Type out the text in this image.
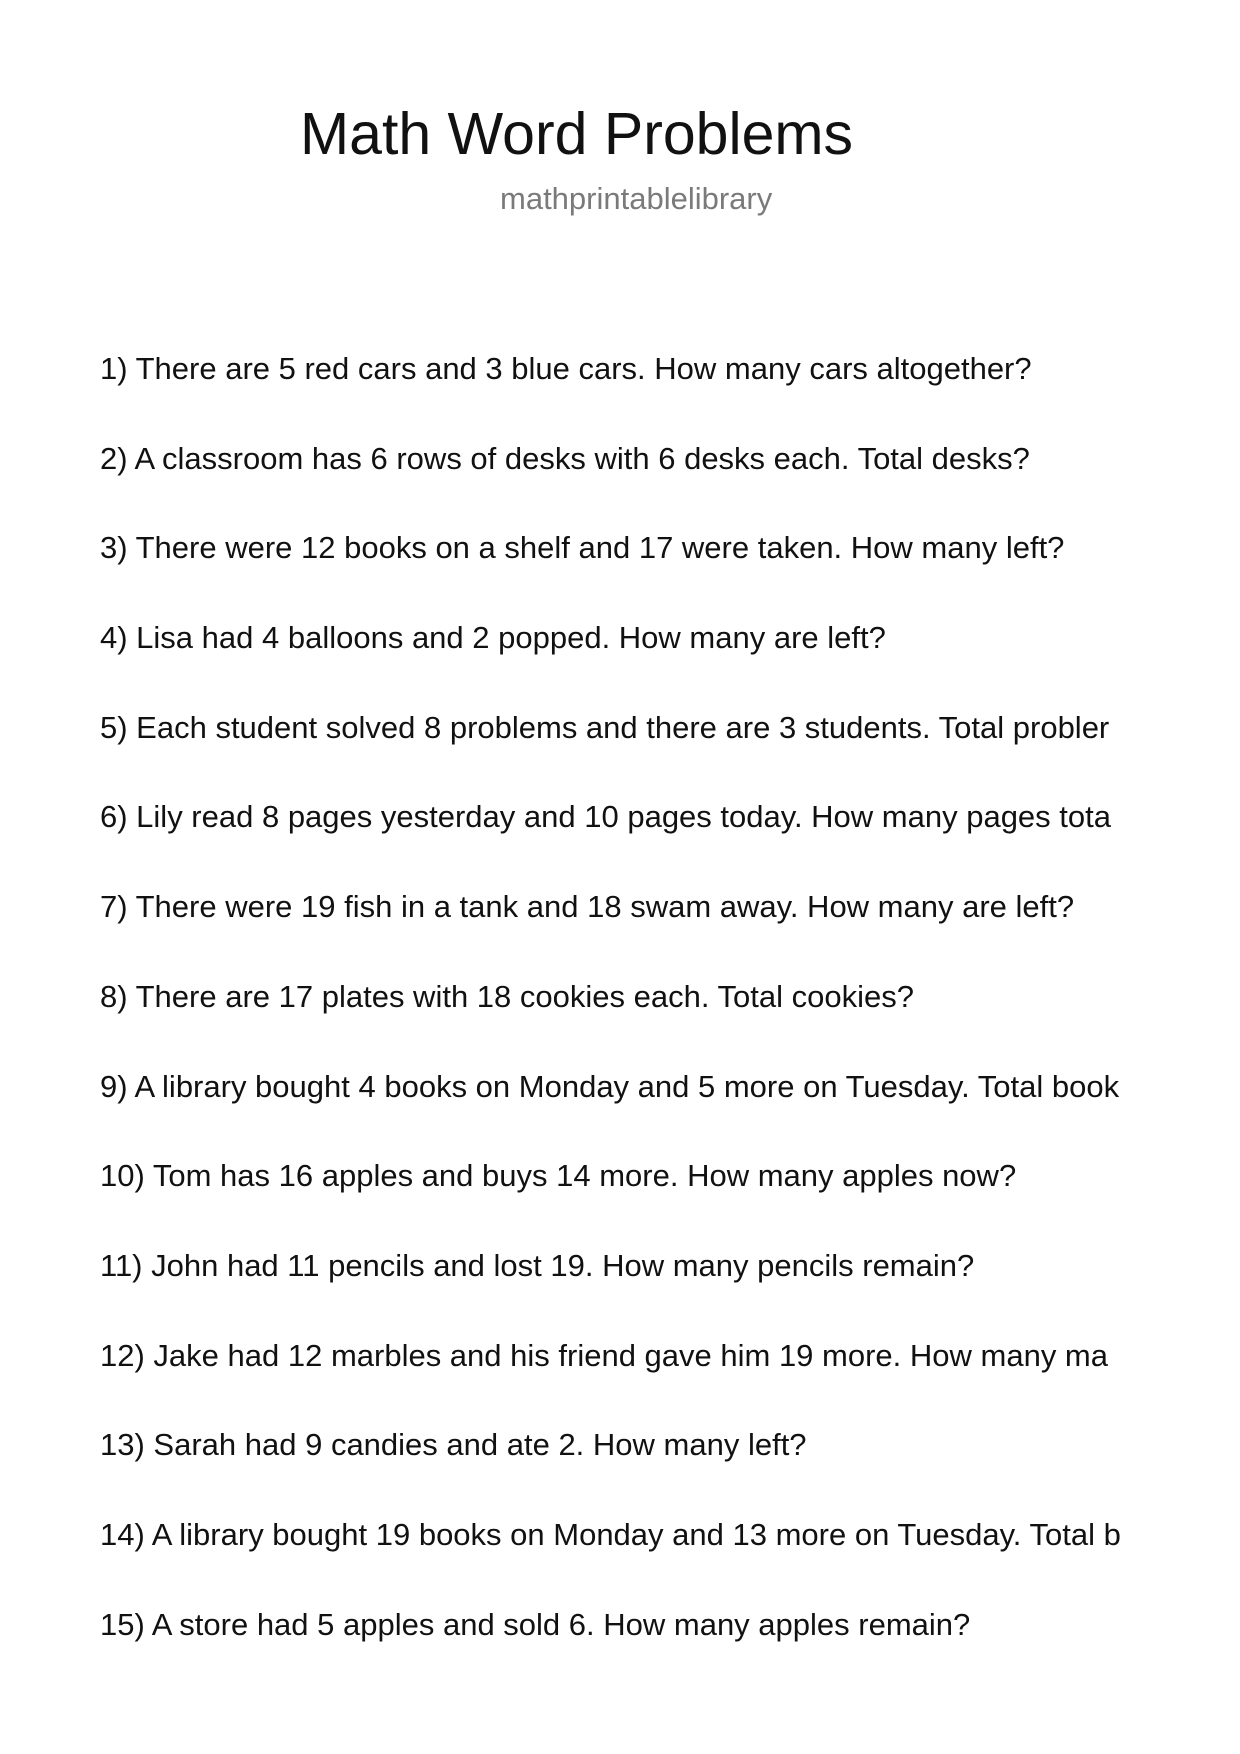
Math Word Problems
mathprintablelibrary
1) There are 5 red cars and 3 blue cars. How many cars altogether?
2) A classroom has 6 rows of desks with 6 desks each. Total desks?
3) There were 12 books on a shelf and 17 were taken. How many left?
4) Lisa had 4 balloons and 2 popped. How many are left?
5) Each student solved 8 problems and there are 3 students. Total probler
6) Lily read 8 pages yesterday and 10 pages today. How many pages tota
7) There were 19 fish in a tank and 18 swam away. How many are left?
8) There are 17 plates with 18 cookies each. Total cookies?
9) A library bought 4 books on Monday and 5 more on Tuesday. Total book
10) Tom has 16 apples and buys 14 more. How many apples now?
11) John had 11 pencils and lost 19. How many pencils remain?
12) Jake had 12 marbles and his friend gave him 19 more. How many ma
13) Sarah had 9 candies and ate 2. How many left?
14) A library bought 19 books on Monday and 13 more on Tuesday. Total b
15) A store had 5 apples and sold 6. How many apples remain?
